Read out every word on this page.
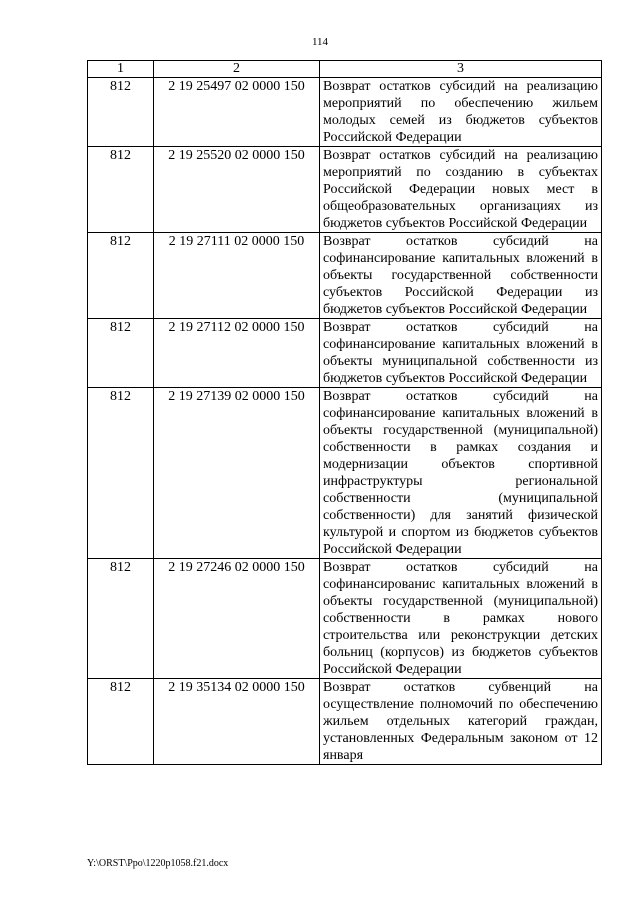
114
1	2	3
812	2 19 25497 02 0000 150	Возврат остатков субсидий на реализацию мероприятий по обеспечению жильем молодых семей из бюджетов субъектов Российской Федерации
812	2 19 25520 02 0000 150	Возврат остатков субсидий на реализацию мероприятий по созданию в субъектах Российской Федерации новых мест в общеобразовательных организациях из бюджетов субъектов Российской Федерации
812	2 19 27111 02 0000 150	Возврат остатков субсидий на софинансирование капитальных вложений в объекты государственной собственности субъектов Российской Федерации из бюджетов субъектов Российской Федерации
812	2 19 27112 02 0000 150	Возврат остатков субсидий на софинансирование капитальных вложений в объекты муниципальной собственности из бюджетов субъектов Российской Федерации
812	2 19 27139 02 0000 150	Возврат остатков субсидий на софинансирование капитальных вложений в объекты государственной (муниципальной) собственности в рамках создания и модернизации объектов спортивной инфраструктуры региональной собственности (муниципальной собственности) для занятий физической культурой и спортом из бюджетов субъектов Российской Федерации
812	2 19 27246 02 0000 150	Возврат остатков субсидий на софинансированис капитальных вложений в объекты государственной (муниципальной) собственности в рамках нового строительства или реконструкции детских больниц (корпусов) из бюджетов субъектов Российской Федерации
812	2 19 35134 02 0000 150	Возврат остатков субвенций на осуществление полномочий по обеспечению жильем отдельных категорий граждан, установленных Федеральным законом от 12 января
Y:\ORST\Ppo\1220p1058.f21.docx
